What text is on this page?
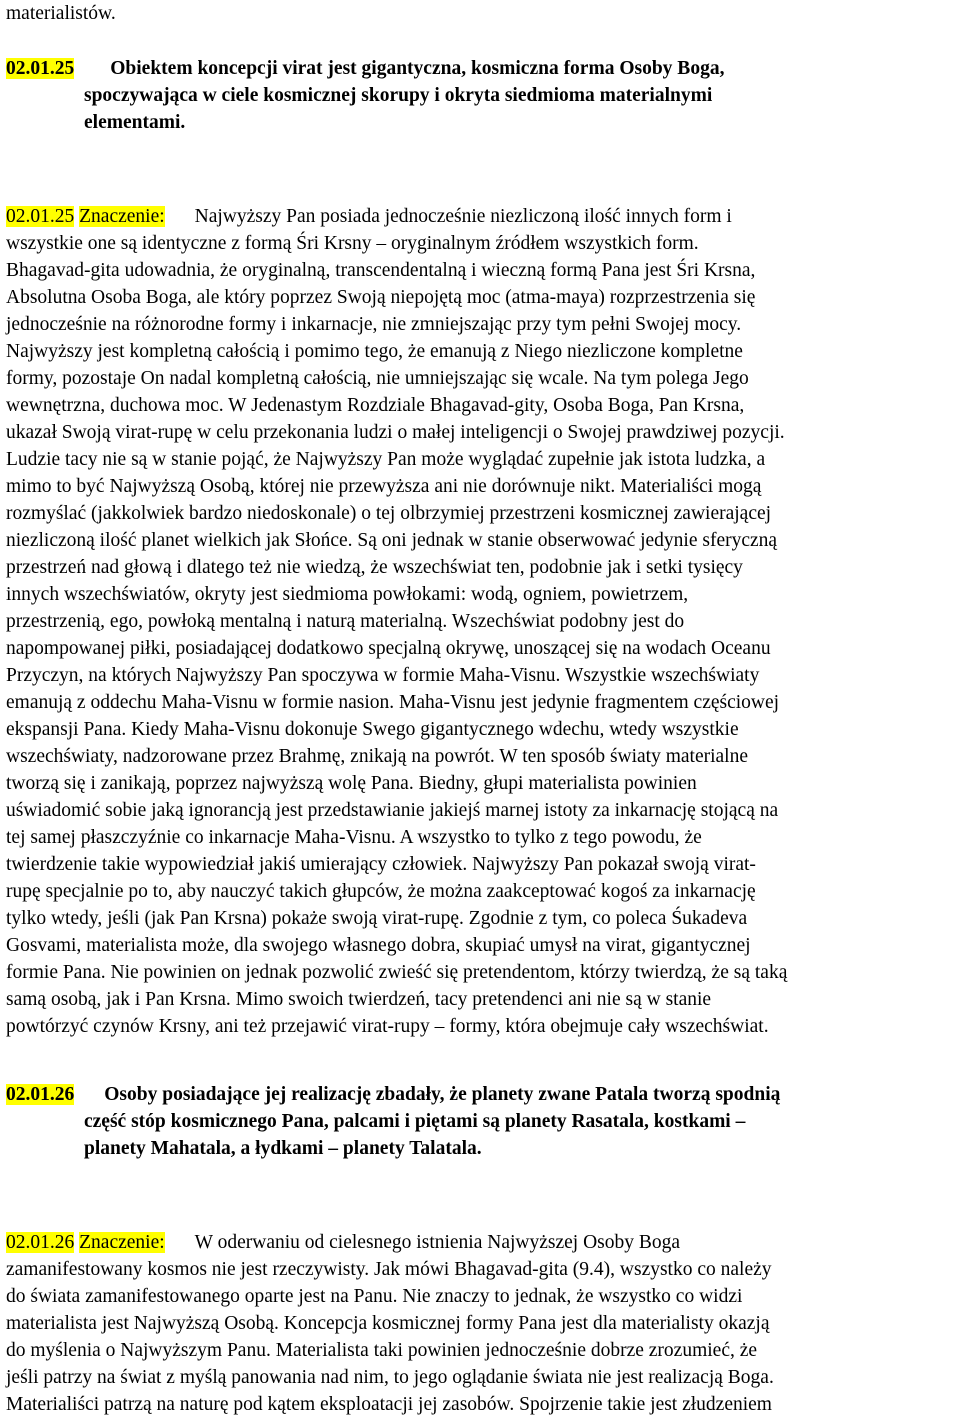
materialistów.
02.01.25 Obiektem koncepcji virat jest gigantyczna, kosmiczna forma Osoby Boga,
spoczywająca w ciele kosmicznej skorupy i okryta siedmioma materialnymi
elementami.
02.01.25 Znaczenie: Najwyższy Pan posiada jednocześnie niezliczoną ilość innych form i
wszystkie one są identyczne z formą Śri Krsny – oryginalnym źródłem wszystkich form.
Bhagavad-gita udowadnia, że oryginalną, transcendentalną i wieczną formą Pana jest Śri Krsna,
Absolutna Osoba Boga, ale który poprzez Swoją niepojętą moc (atma-maya) rozprzestrzenia się
jednocześnie na różnorodne formy i inkarnacje, nie zmniejszając przy tym pełni Swojej mocy.
Najwyższy jest kompletną całością i pomimo tego, że emanują z Niego niezliczone kompletne
formy, pozostaje On nadal kompletną całością, nie umniejszając się wcale. Na tym polega Jego
wewnętrzna, duchowa moc. W Jedenastym Rozdziale Bhagavad-gity, Osoba Boga, Pan Krsna,
ukazał Swoją virat-rupę w celu przekonania ludzi o małej inteligencji o Swojej prawdziwej pozycji.
Ludzie tacy nie są w stanie pojąć, że Najwyższy Pan może wyglądać zupełnie jak istota ludzka, a
mimo to być Najwyższą Osobą, której nie przewyższa ani nie dorównuje nikt. Materialiści mogą
rozmyślać (jakkolwiek bardzo niedoskonale) o tej olbrzymiej przestrzeni kosmicznej zawierającej
niezliczoną ilość planet wielkich jak Słońce. Są oni jednak w stanie obserwować jedynie sferyczną
przestrzeń nad głową i dlatego też nie wiedzą, że wszechświat ten, podobnie jak i setki tysięcy
innych wszechświatów, okryty jest siedmioma powłokami: wodą, ogniem, powietrzem,
przestrzenią, ego, powłoką mentalną i naturą materialną. Wszechświat podobny jest do
napompowanej piłki, posiadającej dodatkowo specjalną okrywę, unoszącej się na wodach Oceanu
Przyczyn, na których Najwyższy Pan spoczywa w formie Maha-Visnu. Wszystkie wszechświaty
emanują z oddechu Maha-Visnu w formie nasion. Maha-Visnu jest jedynie fragmentem częściowej
ekspansji Pana. Kiedy Maha-Visnu dokonuje Swego gigantycznego wdechu, wtedy wszystkie
wszechświaty, nadzorowane przez Brahmę, znikają na powrót. W ten sposób światy materialne
tworzą się i zanikają, poprzez najwyższą wolę Pana. Biedny, głupi materialista powinien
uświadomić sobie jaką ignorancją jest przedstawianie jakiejś marnej istoty za inkarnację stojącą na
tej samej płaszczyźnie co inkarnacje Maha-Visnu. A wszystko to tylko z tego powodu, że
twierdzenie takie wypowiedział jakiś umierający człowiek. Najwyższy Pan pokazał swoją virat-
rupę specjalnie po to, aby nauczyć takich głupców, że można zaakceptować kogoś za inkarnację
tylko wtedy, jeśli (jak Pan Krsna) pokaże swoją virat-rupę. Zgodnie z tym, co poleca Śukadeva
Gosvami, materialista może, dla swojego własnego dobra, skupiać umysł na virat, gigantycznej
formie Pana. Nie powinien on jednak pozwolić zwieść się pretendentom, którzy twierdzą, że są taką
samą osobą, jak i Pan Krsna. Mimo swoich twierdzeń, tacy pretendenci ani nie są w stanie
powtórzyć czynów Krsny, ani też przejawić virat-rupy – formy, która obejmuje cały wszechświat.
02.01.26 Osoby posiadające jej realizację zbadały, że planety zwane Patala tworzą spodnią
część stóp kosmicznego Pana, palcami i piętami są planety Rasatala, kostkami –
planety Mahatala, a łydkami – planety Talatala.
02.01.26 Znaczenie: W oderwaniu od cielesnego istnienia Najwyższej Osoby Boga
zamanifestowany kosmos nie jest rzeczywisty. Jak mówi Bhagavad-gita (9.4), wszystko co należy
do świata zamanifestowanego oparte jest na Panu. Nie znaczy to jednak, że wszystko co widzi
materialista jest Najwyższą Osobą. Koncepcja kosmicznej formy Pana jest dla materialisty okazją
do myślenia o Najwyższym Panu. Materialista taki powinien jednocześnie dobrze zrozumieć, że
jeśli patrzy na świat z myślą panowania nad nim, to jego oglądanie świata nie jest realizacją Boga.
Materialiści patrzą na naturę pod kątem eksploatacji jej zasobów. Spojrzenie takie jest złudzeniem
